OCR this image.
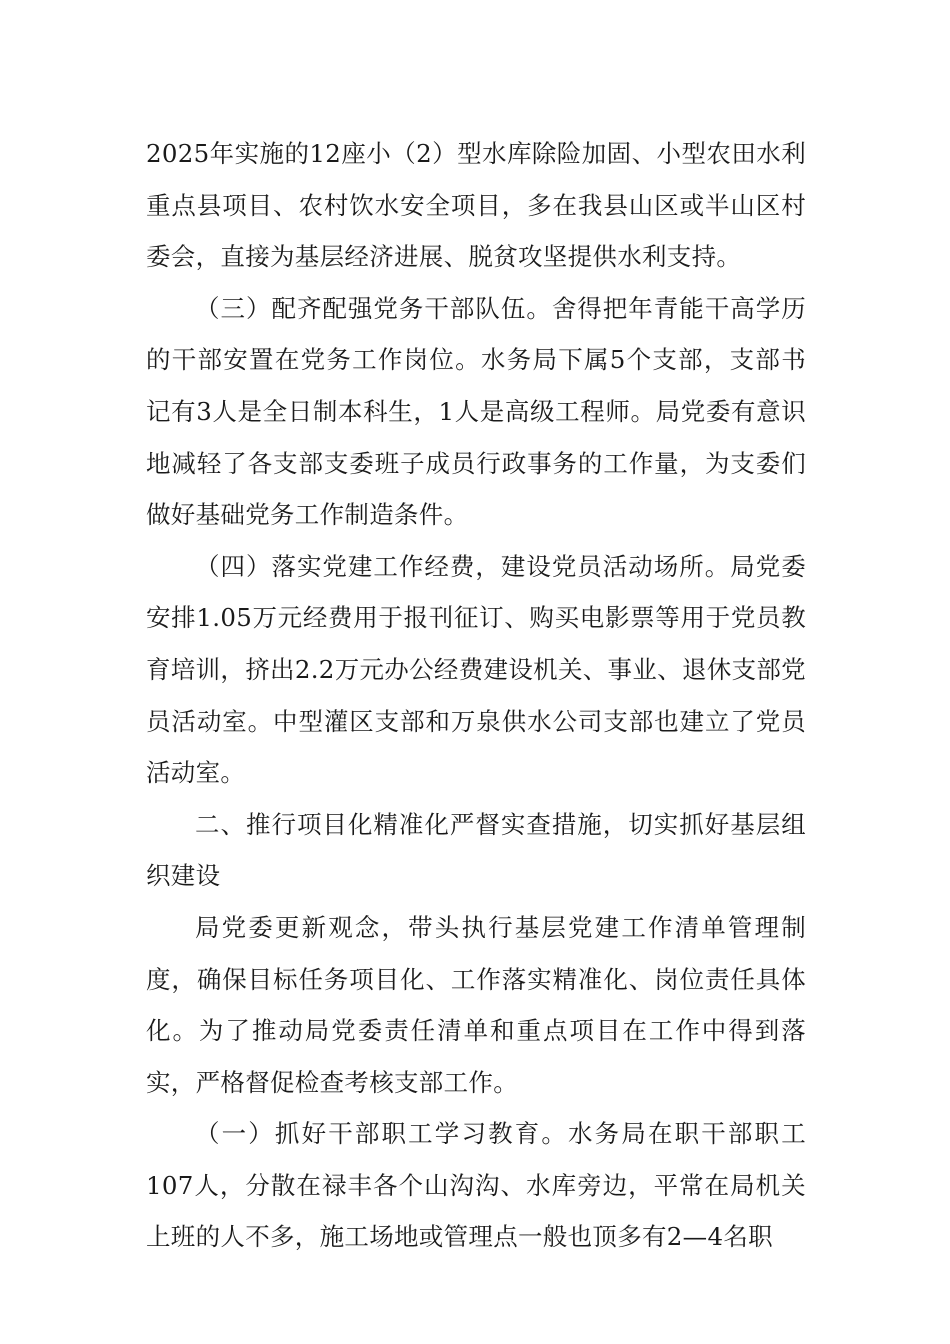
2025年实施的12座小（2）型水库除险加固、小型农田水利重点县项目、农村饮水安全项目，多在我县山区或半山区村委会，直接为基层经济进展、脱贫攻坚提供水利支持。

（三）配齐配强党务干部队伍。舍得把年青能干高学历的干部安置在党务工作岗位。水务局下属5个支部，支部书记有3人是全日制本科生，1人是高级工程师。局党委有意识地减轻了各支部支委班子成员行政事务的工作量，为支委们做好基础党务工作制造条件。

（四）落实党建工作经费，建设党员活动场所。局党委安排1.05万元经费用于报刊征订、购买电影票等用于党员教育培训，挤出2.2万元办公经费建设机关、事业、退休支部党员活动室。中型灌区支部和万泉供水公司支部也建立了党员活动室。

二、推行项目化精准化严督实查措施，切实抓好基层组织建设

局党委更新观念，带头执行基层党建工作清单管理制度，确保目标任务项目化、工作落实精准化、岗位责任具体化。为了推动局党委责任清单和重点项目在工作中得到落实，严格督促检查考核支部工作。

（一）抓好干部职工学习教育。水务局在职干部职工107人，分散在禄丰各个山沟沟、水库旁边，平常在局机关上班的人不多，施工场地或管理点一般也顶多有2—4名职
